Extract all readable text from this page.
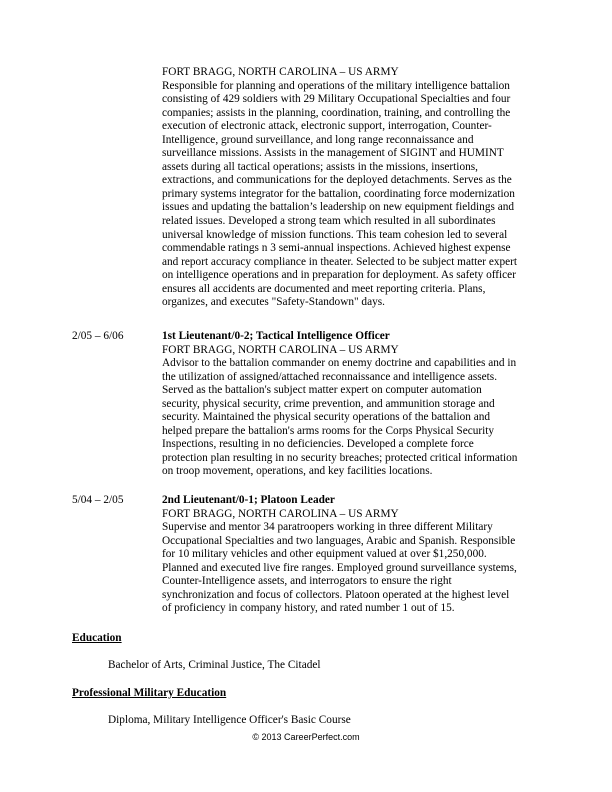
FORT BRAGG, NORTH CAROLINA – US ARMY

Responsible for planning and operations of the military intelligence battalion
consisting of 429 soldiers with 29 Military Occupational Specialties and four
companies; assists in the planning, coordination, training, and controlling the
execution of electronic attack, electronic support, interrogation, Counter-
Intelligence, ground surveillance, and long range reconnaissance and
surveillance missions. Assists in the management of SIGINT and HUMINT
assets during all tactical operations; assists in the missions, insertions,
extractions, and communications for the deployed detachments. Serves as the
primary systems integrator for the battalion, coordinating force modernization
issues and updating the battalion’s leadership on new equipment fieldings and
related issues. Developed a strong team which resulted in all subordinates
universal knowledge of mission functions. This team cohesion led to several
commendable ratings n 3 semi-annual inspections. Achieved highest expense
and report accuracy compliance in theater. Selected to be subject matter expert
on intelligence operations and in preparation for deployment. As safety officer
ensures all accidents are documented and meet reporting criteria. Plans,
organizes, and executes "Safety-Standown" days.

2/05 – 6/06	1st Lieutenant/0-2; Tactical Intelligence Officer
FORT BRAGG, NORTH CAROLINA – US ARMY

Advisor to the battalion commander on enemy doctrine and capabilities and in
the utilization of assigned/attached reconnaissance and intelligence assets.
Served as the battalion's subject matter expert on computer automation
security, physical security, crime prevention, and ammunition storage and
security. Maintained the physical security operations of the battalion and
helped prepare the battalion's arms rooms for the Corps Physical Security
Inspections, resulting in no deficiencies. Developed a complete force
protection plan resulting in no security breaches; protected critical information
on troop movement, operations, and key facilities locations.

5/04 – 2/05	2nd Lieutenant/0-1; Platoon Leader
FORT BRAGG, NORTH CAROLINA – US ARMY

Supervise and mentor 34 paratroopers working in three different Military
Occupational Specialties and two languages, Arabic and Spanish. Responsible
for 10 military vehicles and other equipment valued at over $1,250,000.
Planned and executed live fire ranges. Employed ground surveillance systems,
Counter-Intelligence assets, and interrogators to ensure the right
synchronization and focus of collectors. Platoon operated at the highest level
of proficiency in company history, and rated number 1 out of 15.

Education
Bachelor of Arts, Criminal Justice, The Citadel
Professional Military Education
Diploma, Military Intelligence Officer's Basic Course
© 2013 CareerPerfect.com
